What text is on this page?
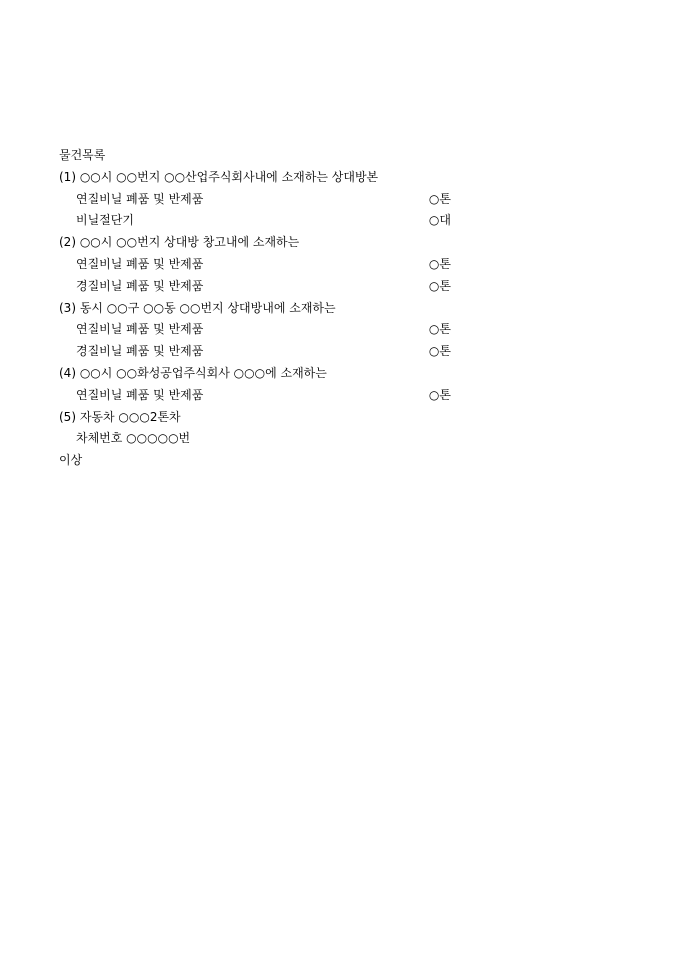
물건목록
(1) ○○시 ○○번지 ○○산업주식회사내에 소재하는 상대방본
연질비닐 폐품 및 반제품	○톤
비닐절단기	○대
(2) ○○시 ○○번지 상대방 창고내에 소재하는
연질비닐 폐품 및 반제품	○톤
경질비닐 폐품 및 반제품	○톤
(3) 동시 ○○구 ○○동 ○○번지 상대방내에 소재하는
연질비닐 폐품 및 반제품	○톤
경질비닐 폐품 및 반제품	○톤
(4) ○○시 ○○화성공업주식회사 ○○○에 소재하는
연질비닐 폐품 및 반제품	○톤
(5) 자동차 ○○○2톤차
차체번호 ○○○○○번
이상
